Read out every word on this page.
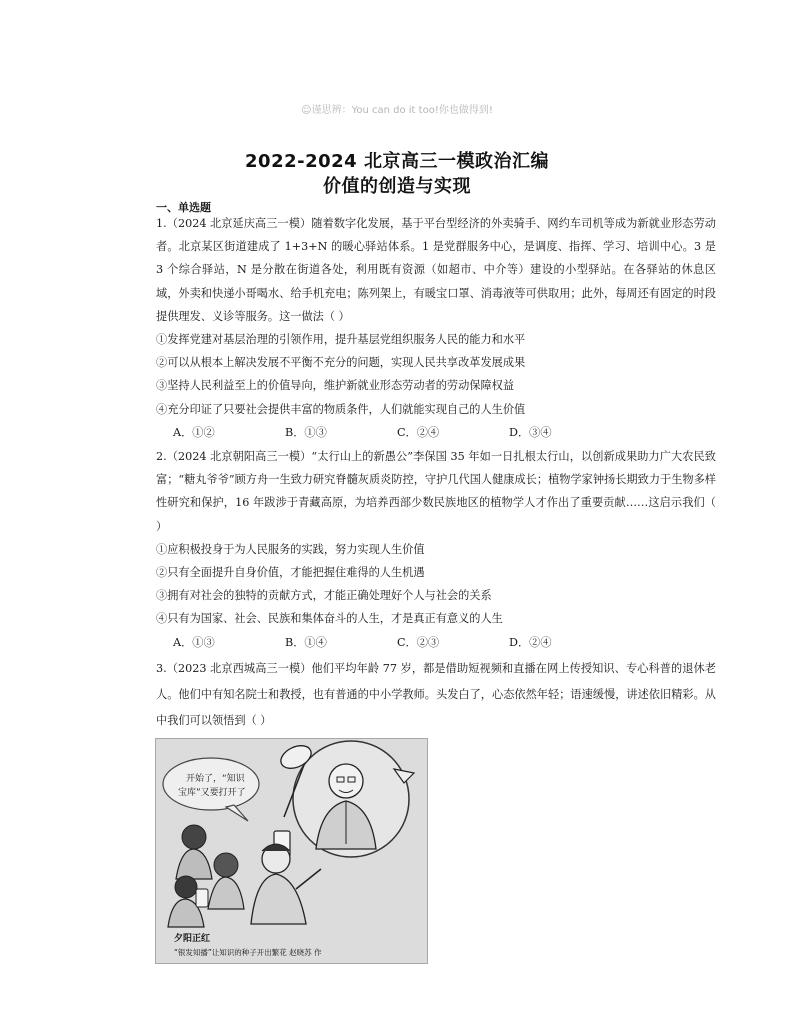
☺谨思辨：You can do it too!你也做得到!
2022-2024 北京高三一模政治汇编
价值的创造与实现
一、单选题

1.（2024 北京延庆高三一模）随着数字化发展，基于平台型经济的外卖骑手、网约车司机等成为新就业形态劳动者。北京某区街道建成了 1+3+N 的暖心驿站体系。1 是党群服务中心，是调度、指挥、学习、培训中心。3 是 3 个综合驿站，N 是分散在街道各处，利用既有资源（如超市、中介等）建设的小型驿站。在各驿站的休息区域，外卖和快递小哥喝水、给手机充电；陈列架上，有暖宝口罩、消毒液等可供取用；此外，每周还有固定的时段提供理发、义诊等服务。这一做法（ ）

①发挥党建对基层治理的引领作用，提升基层党组织服务人民的能力和水平

②可以从根本上解决发展不平衡不充分的问题，实现人民共享改革发展成果

③坚持人民利益至上的价值导向，维护新就业形态劳动者的劳动保障权益

④充分印证了只要社会提供丰富的物质条件，人们就能实现自己的人生价值

A．①②	B．①③	C．②④	D．③④

2.（2024 北京朝阳高三一模）“太行山上的新愚公”李保国 35 年如一日扎根太行山，以创新成果助力广大农民致富；“糖丸爷爷”顾方舟一生致力研究脊髓灰质炎防控，守护几代国人健康成长；植物学家钟扬长期致力于生物多样性研究和保护，16 年跋涉于青藏高原，为培养西部少数民族地区的植物学人才作出了重要贡献……这启示我们（ ）

①应积极投身于为人民服务的实践，努力实现人生价值

②只有全面提升自身价值，才能把握住难得的人生机遇

③拥有对社会的独特的贡献方式，才能正确处理好个人与社会的关系

④只有为国家、社会、民族和集体奋斗的人生，才是真正有意义的人生

A．①③	B．①④	C．②③	D．②④

3.（2023 北京西城高三一模）他们平均年龄 77 岁，都是借助短视频和直播在网上传授知识、专心科普的退休老人。他们中有知名院士和教授，也有普通的中小学教师。头发白了，心态依然年轻；语速缓慢，讲述依旧精彩。从中我们可以领悟到（ ）

开始了，“知识
宝库”又要打开了
夕阳正红
“银发知播”让知识的种子开出繁花 赵晓苏 作
